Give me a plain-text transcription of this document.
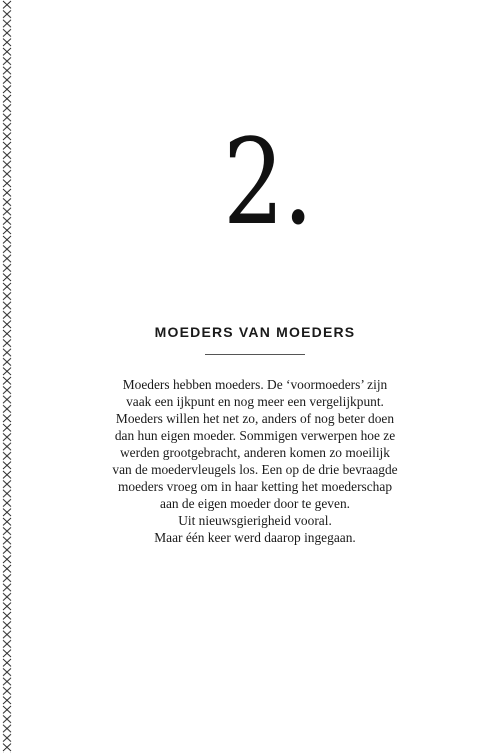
2.
MOEDERS VAN MOEDERS
Moeders hebben moeders. De ‘voormoeders’ zijn
vaak een ijkpunt en nog meer een vergelijkpunt.
Moeders willen het net zo, anders of nog beter doen
dan hun eigen moeder. Sommigen verwerpen hoe ze
werden grootgebracht, anderen komen zo moeilijk
van de moedervleugels los. Een op de drie bevraagde
moeders vroeg om in haar ketting het moederschap
aan de eigen moeder door te geven.
Uit nieuwsgierigheid vooral.
Maar één keer werd daarop ingegaan.
